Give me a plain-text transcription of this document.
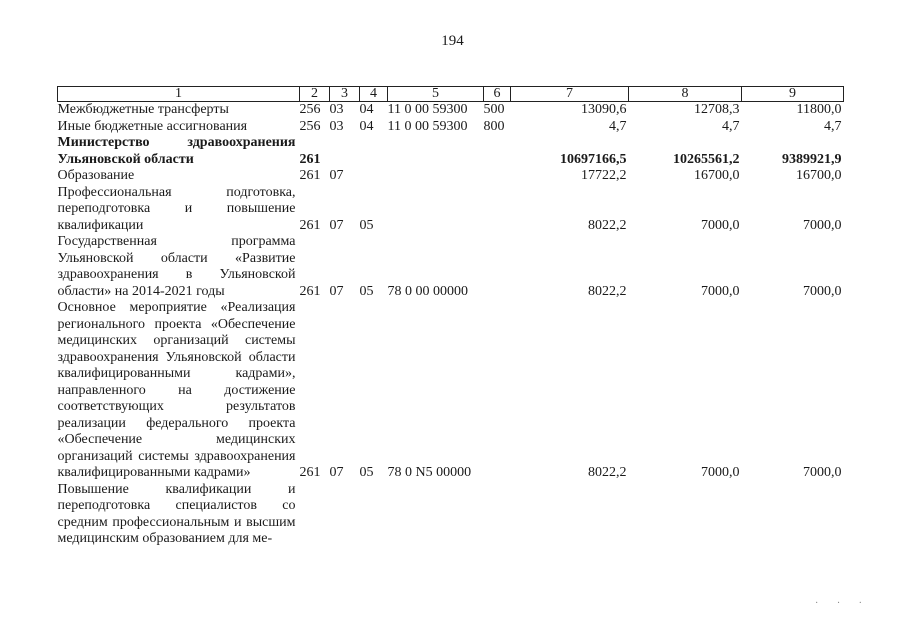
194
1	2	3	4	5	6	7	8	9
Межбюджетные трансферты	256	03	04	11 0 00 59300	500	13090,6	12708,3	11800,0
Иные бюджетные ассигнования	256	03	04	11 0 00 59300	800	4,7	4,7	4,7
Министерство здравоохранения Ульяновской области	261					10697166,5	10265561,2	9389921,9
Образование	261	07				17722,2	16700,0	16700,0
Профессиональная подготовка, переподготовка и повышение квалификации	261	07	05			8022,2	7000,0	7000,0
Государственная программа Ульяновской области «Развитие здравоохранения в Ульяновской области» на 2014-2021 годы	261	07	05	78 0 00 00000		8022,2	7000,0	7000,0
Основное мероприятие «Реализация регионального проекта «Обеспечение медицинских организаций системы здравоохранения Ульяновской области квалифицированными кадрами», направленного на достижение соответствующих результатов реализации федерального проекта «Обеспечение медицинских организаций системы здравоохранения квалифицированными кадрами»	261	07	05	78 0 N5 00000		8022,2	7000,0	7000,0
Повышение квалификации и переподготовка специалистов со средним профессиональным и высшим медицинским образованием для ме-								
· · ·
